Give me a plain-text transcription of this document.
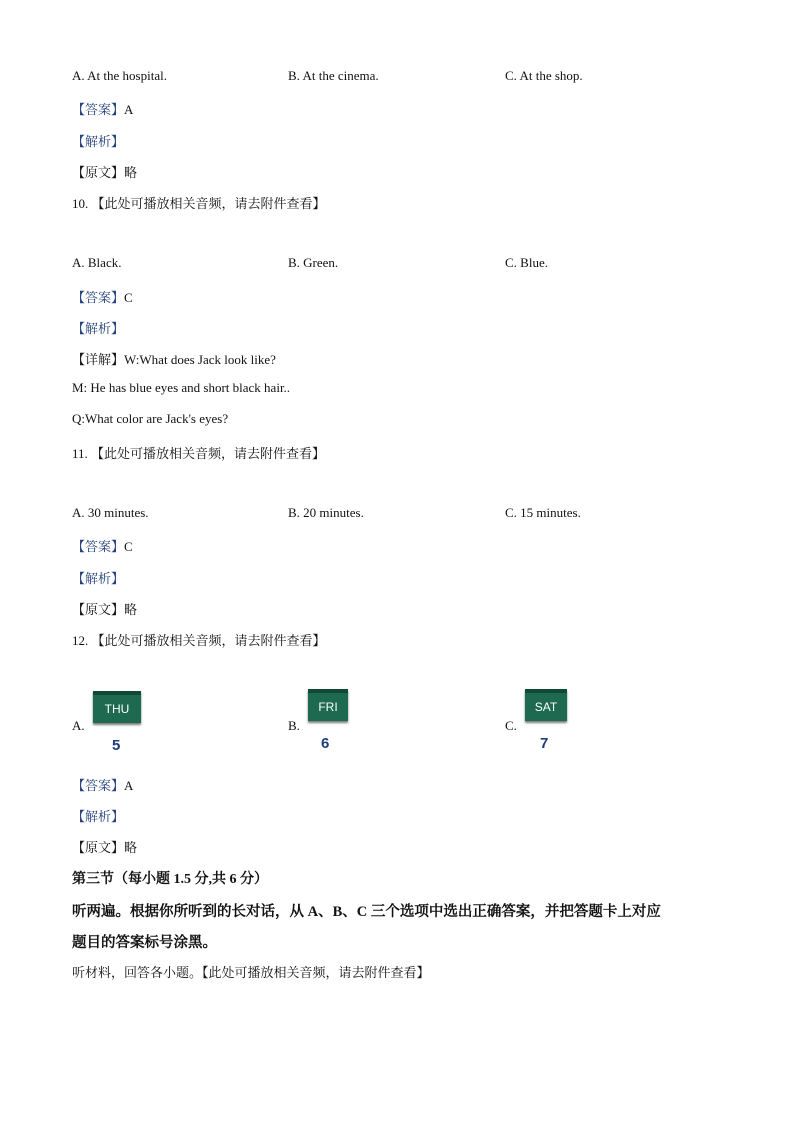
A. At the hospital.	B. At the cinema.	C. At the shop.
【答案】A
【解析】
【原文】略
10. 【此处可播放相关音频，请去附件查看】
A. Black.	B. Green.	C. Blue.
【答案】C
【解析】
【详解】W:What does Jack look like?
M: He has blue eyes and short black hair..
Q:What color are Jack's eyes?
11. 【此处可播放相关音频，请去附件查看】
A. 30 minutes.	B. 20 minutes.	C. 15 minutes.
【答案】C
【解析】
【原文】略
12. 【此处可播放相关音频，请去附件查看】
A.
THU
5
B.
FRI
6
C.
SAT
7
【答案】A
【解析】
【原文】略
第三节（每小题 1.5 分,共 6 分）
听两遍。根据你所听到的长对话，从 A、B、C 三个选项中选出正确答案，并把答题卡上对应
题目的答案标号涂黑。
听材料，回答各小题。【此处可播放相关音频，请去附件查看】
